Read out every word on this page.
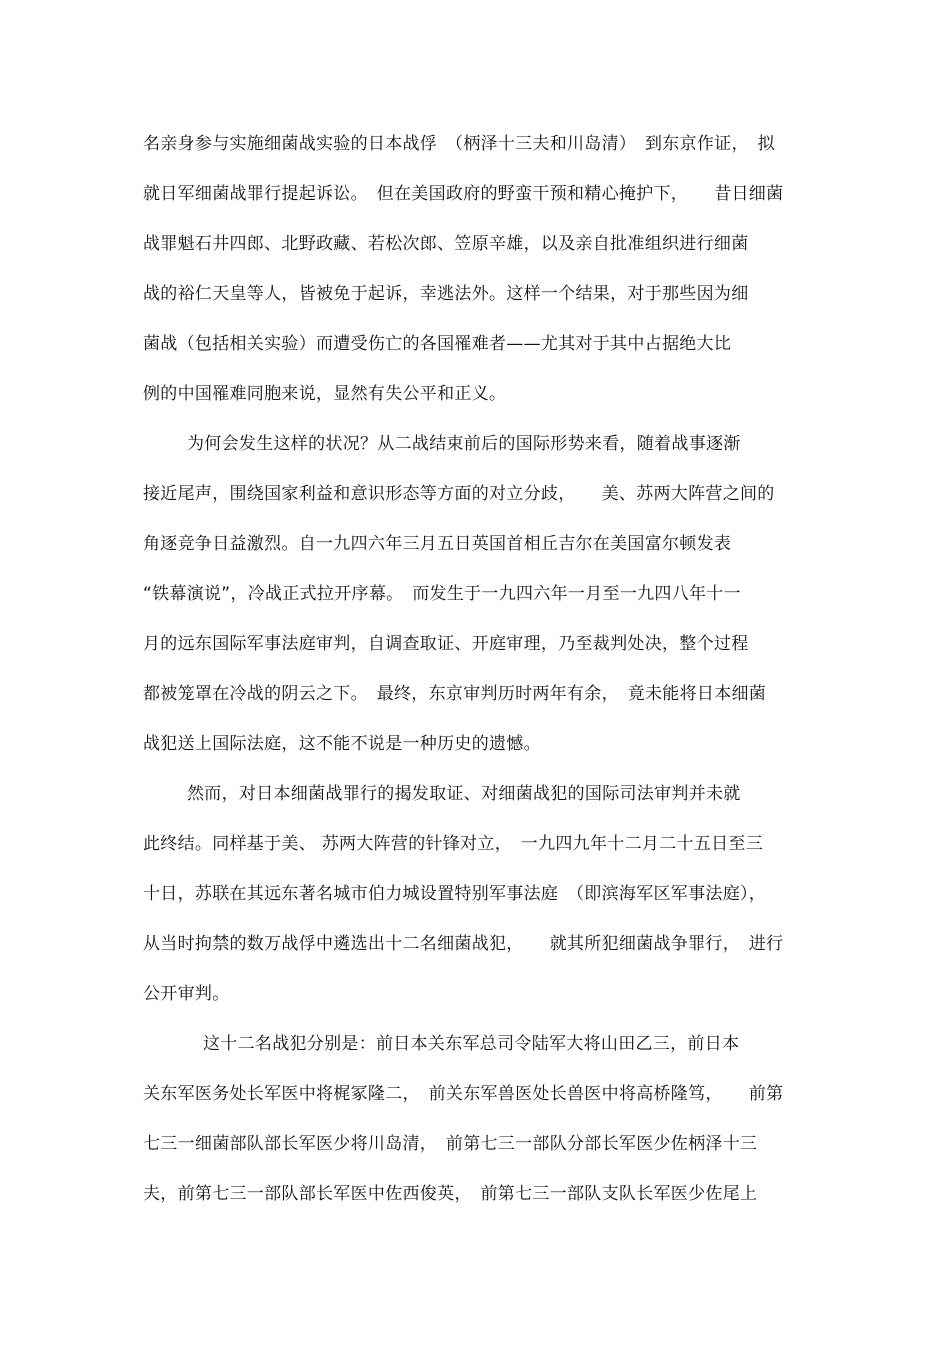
名亲身参与实施细菌战实验的日本战俘　（柄泽十三夫和川岛清）　到东京作证，　拟
就日军细菌战罪行提起诉讼。　但在美国政府的野蛮干预和精心掩护下，　　昔日细菌
战罪魁石井四郎、北野政藏、若松次郎、笠原辛雄，以及亲自批准组织进行细菌
战的裕仁天皇等人，皆被免于起诉，幸逃法外。这样一个结果，对于那些因为细
菌战（包括相关实验）而遭受伤亡的各国罹难者——尤其对于其中占据绝大比
例的中国罹难同胞来说，显然有失公平和正义。
为何会发生这样的状况？从二战结束前后的国际形势来看，随着战事逐渐
接近尾声，围绕国家利益和意识形态等方面的对立分歧，　　美、苏两大阵营之间的
角逐竞争日益激烈。自一九四六年三月五日英国首相丘吉尔在美国富尔顿发表
“铁幕演说”，冷战正式拉开序幕。　而发生于一九四六年一月至一九四八年十一
月的远东国际军事法庭审判，自调查取证、开庭审理，乃至裁判处决，整个过程
都被笼罩在冷战的阴云之下。　最终，东京审判历时两年有余，　竟未能将日本细菌
战犯送上国际法庭，这不能不说是一种历史的遗憾。
然而，对日本细菌战罪行的揭发取证、对细菌战犯的国际司法审判并未就
此终结。同样基于美、 苏两大阵营的针锋对立，　一九四九年十二月二十五日至三
十日，苏联在其远东著名城市伯力城设置特别军事法庭　（即滨海军区军事法庭），
从当时拘禁的数万战俘中遴选出十二名细菌战犯，　　就其所犯细菌战争罪行，　进行
公开审判。
这十二名战犯分别是：前日本关东军总司令陆军大将山田乙三，前日本
关东军医务处长军医中将梶冢隆二，　前关东军兽医处长兽医中将高桥隆笃，　　前第
七三一细菌部队部长军医少将川岛清，　前第七三一部队分部长军医少佐柄泽十三
夫，前第七三一部队部长军医中佐西俊英，　前第七三一部队支队长军医少佐尾上
